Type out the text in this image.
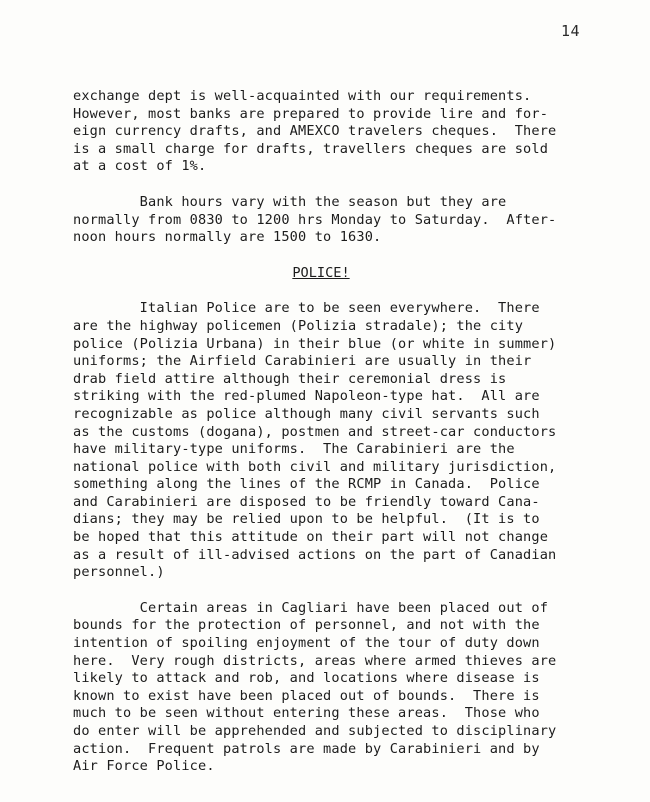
14
exchange dept is well-acquainted with our requirements.
However, most banks are prepared to provide lire and for-
eign currency drafts, and AMEXCO travelers cheques.  There
is a small charge for drafts, travellers cheques are sold
at a cost of 1%.
Bank hours vary with the season but they are
normally from 0830 to 1200 hrs Monday to Saturday.  After-
noon hours normally are 1500 to 1630.
POLICE!
Italian Police are to be seen everywhere.  There
are the highway policemen (Polizia stradale); the city
police (Polizia Urbana) in their blue (or white in summer)
uniforms; the Airfield Carabinieri are usually in their
drab field attire although their ceremonial dress is
striking with the red-plumed Napoleon-type hat.  All are
recognizable as police although many civil servants such
as the customs (dogana), postmen and street-car conductors
have military-type uniforms.  The Carabinieri are the
national police with both civil and military jurisdiction,
something along the lines of the RCMP in Canada.  Police
and Carabinieri are disposed to be friendly toward Cana-
dians; they may be relied upon to be helpful.  (It is to
be hoped that this attitude on their part will not change
as a result of ill-advised actions on the part of Canadian
personnel.)
Certain areas in Cagliari have been placed out of
bounds for the protection of personnel, and not with the
intention of spoiling enjoyment of the tour of duty down
here.  Very rough districts, areas where armed thieves are
likely to attack and rob, and locations where disease is
known to exist have been placed out of bounds.  There is
much to be seen without entering these areas.  Those who
do enter will be apprehended and subjected to disciplinary
action.  Frequent patrols are made by Carabinieri and by
Air Force Police.
